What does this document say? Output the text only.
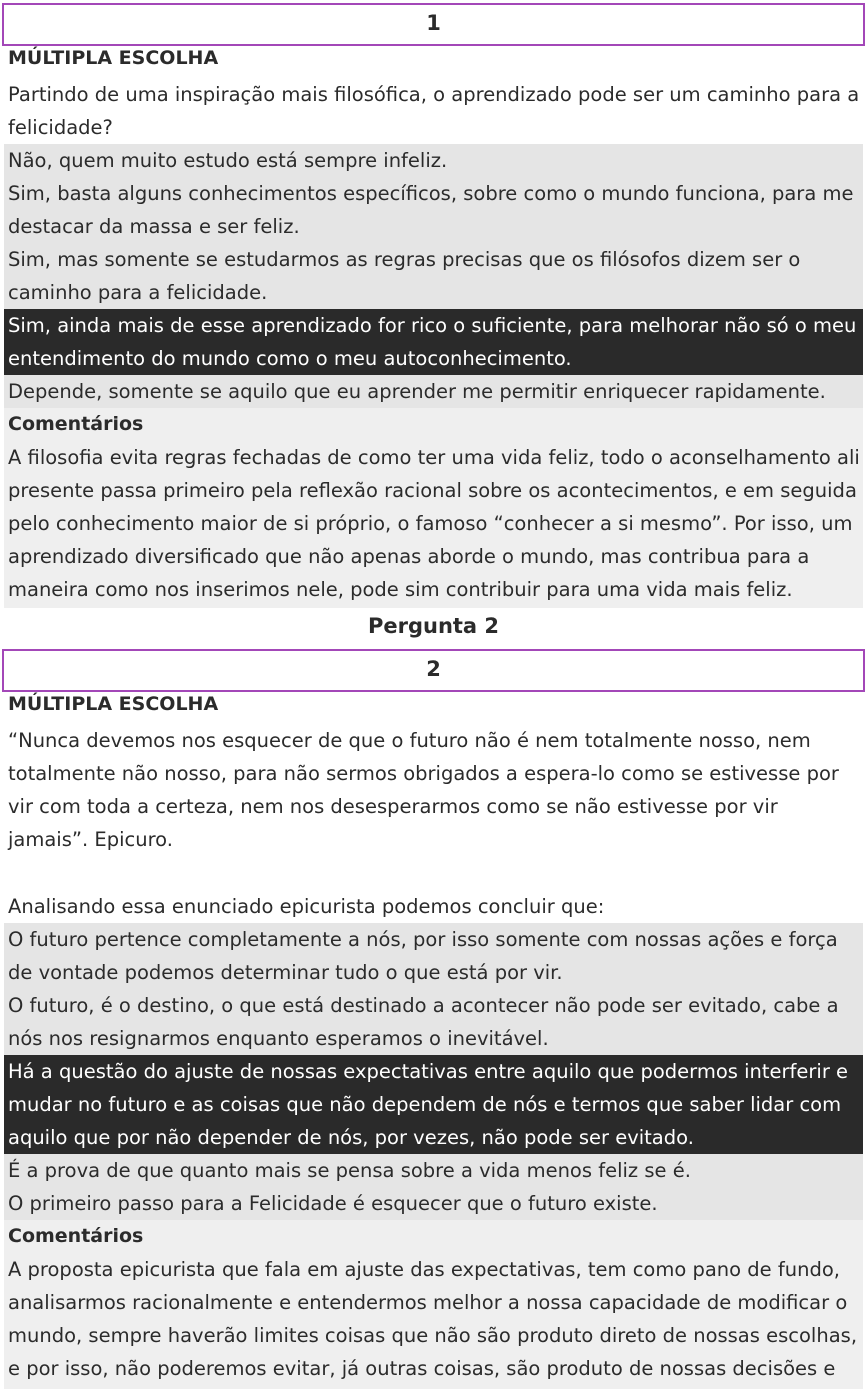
1
MÚLTIPLA ESCOLHA
Partindo de uma inspiração mais filosófica, o aprendizado pode ser um caminho para a felicidade?
Não, quem muito estudo está sempre infeliz.
Sim, basta alguns conhecimentos específicos, sobre como o mundo funciona, para me destacar da massa e ser feliz.
Sim, mas somente se estudarmos as regras precisas que os filósofos dizem ser o caminho para a felicidade.
Sim, ainda mais de esse aprendizado for rico o suficiente, para melhorar não só o meu entendimento do mundo como o meu autoconhecimento.
Depende, somente se aquilo que eu aprender me permitir enriquecer rapidamente.
Comentários
A filosofia evita regras fechadas de como ter uma vida feliz, todo o aconselhamento ali presente passa primeiro pela reflexão racional sobre os acontecimentos, e em seguida pelo conhecimento maior de si próprio, o famoso “conhecer a si mesmo”. Por isso, um aprendizado diversificado que não apenas aborde o mundo, mas contribua para a maneira como nos inserimos nele, pode sim contribuir para uma vida mais feliz.
Pergunta 2
2
MÚLTIPLA ESCOLHA
“Nunca devemos nos esquecer de que o futuro não é nem totalmente nosso, nem totalmente não nosso, para não sermos obrigados a espera-lo como se estivesse por vir com toda a certeza, nem nos desesperarmos como se não estivesse por vir jamais”. Epicuro.
Analisando essa enunciado epicurista podemos concluir que:
O futuro pertence completamente a nós, por isso somente com nossas ações e força de vontade podemos determinar tudo o que está por vir.
O futuro, é o destino, o que está destinado a acontecer não pode ser evitado, cabe a nós nos resignarmos enquanto esperamos o inevitável.
Há a questão do ajuste de nossas expectativas entre aquilo que podermos interferir e mudar no futuro e as coisas que não dependem de nós e termos que saber lidar com aquilo que por não depender de nós, por vezes, não pode ser evitado.
É a prova de que quanto mais se pensa sobre a vida menos feliz se é.
O primeiro passo para a Felicidade é esquecer que o futuro existe.
Comentários
A proposta epicurista que fala em ajuste das expectativas, tem como pano de fundo, analisarmos racionalmente e entendermos melhor a nossa capacidade de modificar o mundo, sempre haverão limites coisas que não são produto direto de nossas escolhas, e por isso, não poderemos evitar, já outras coisas, são produto de nossas decisões e
